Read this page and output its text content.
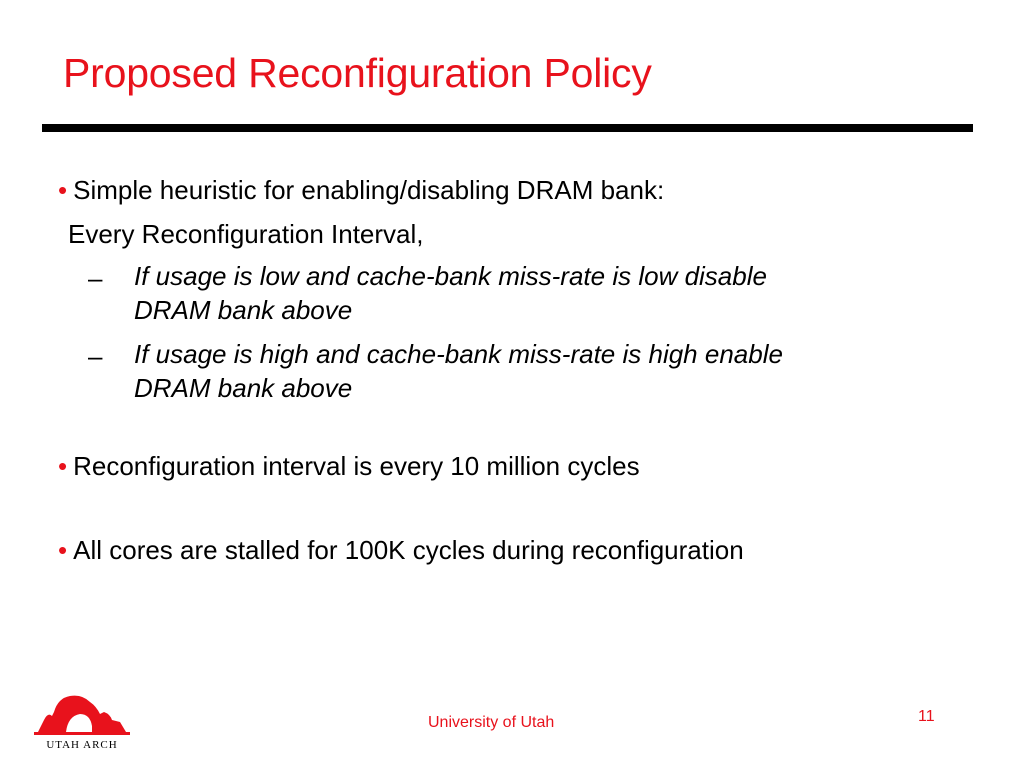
Proposed Reconfiguration Policy
• Simple heuristic for enabling/disabling DRAM bank:
Every Reconfiguration Interval,
– If usage is low and cache-bank miss-rate is low disable
DRAM bank above
– If usage is high and cache-bank miss-rate is high enable
DRAM bank above
• Reconfiguration interval is every 10 million cycles
• All cores are stalled for 100K cycles during reconfiguration
UTAH ARCH
University of Utah	11
